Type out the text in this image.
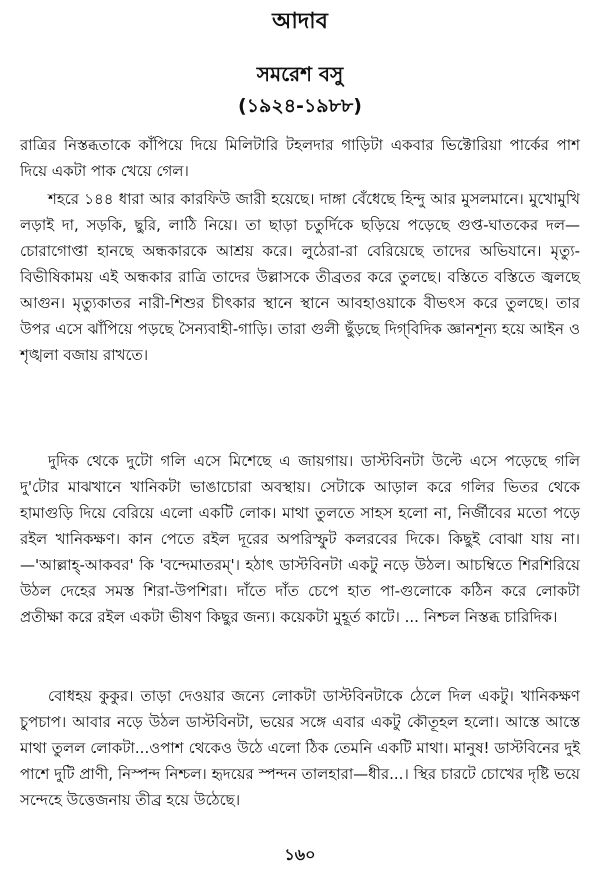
আদাব
সমরেশ বসু
(১৯২৪-১৯৮৮)

রাত্রির নিস্তব্ধতাকে কাঁপিয়ে দিয়ে মিলিটারি টহলদার গাড়িটা একবার ভিক্টোরিয়া পার্কের পাশ দিয়ে একটা পাক খেয়ে গেল।

শহরে ১৪৪ ধারা আর কারফিউ জারী হয়েছে। দাঙ্গা বেঁধেছে হিন্দু আর মুসলমানে। মুখোমুখি লড়াই দা, সড়কি, ছুরি, লাঠি নিয়ে। তা ছাড়া চতুর্দিকে ছড়িয়ে পড়েছে গুপ্ত-ঘাতকের দল—চোরাগোপ্তা হানছে অন্ধকারকে আশ্রয় করে। লুঠেরা-রা বেরিয়েছে তাদের অভিযানে। মৃত্যু-বিভীষিকাময় এই অন্ধকার রাত্রি তাদের উল্লাসকে তীব্রতর করে তুলছে। বস্তিতে বস্তিতে জ্বলছে আগুন। মৃত্যুকাতর নারী-শিশুর চীৎকার স্থানে স্থানে আবহাওয়াকে বীভৎস করে তুলছে। তার উপর এসে ঝাঁপিয়ে পড়ছে সৈন্যবাহী-গাড়ি। তারা গুলী ছুঁড়ছে দিগ্‌বিদিক জ্ঞানশূন্য হয়ে আইন ও শৃঙ্খলা বজায় রাখতে।

দুদিক থেকে দুটো গলি এসে মিশেছে এ জায়গায়। ডাস্টবিনটা উল্টে এসে পড়েছে গলি দু'টোর মাঝখানে খানিকটা ভাঙাচোরা অবস্থায়। সেটাকে আড়াল করে গলির ভিতর থেকে হামাগুড়ি দিয়ে বেরিয়ে এলো একটি লোক। মাথা তুলতে সাহস হলো না, নির্জীবের মতো পড়ে রইল খানিকক্ষণ। কান পেতে রইল দূরের অপরিস্ফুট কলরবের দিকে। কিছুই বোঝা যায় না। —'আল্লাহ্‌-আকবর' কি 'বন্দেমাতরম্'। হঠাৎ ডাস্টবিনটা একটু নড়ে উঠল। আচম্বিতে শিরশিরিয়ে উঠল দেহের সমস্ত শিরা-উপশিরা। দাঁতে দাঁত চেপে হাত পা-গুলোকে কঠিন করে লোকটা প্রতীক্ষা করে রইল একটা ভীষণ কিছুর জন্য। কয়েকটা মুহূর্ত কাটে। ... নিশ্চল নিস্তব্ধ চারিদিক।

বোধহয় কুকুর। তাড়া দেওয়ার জন্যে লোকটা ডাস্টবিনটাকে ঠেলে দিল একটু। খানিকক্ষণ চুপচাপ। আবার নড়ে উঠল ডাস্টবিনটা, ভয়ের সঙ্গে এবার একটু কৌতূহল হলো। আস্তে আস্তে মাথা তুলল লোকটা...ওপাশ থেকেও উঠে এলো ঠিক তেমনি একটি মাথা। মানুষ! ডাস্টবিনের দুই পাশে দুটি প্রাণী, নিস্পন্দ নিশ্চল। হৃদয়ের স্পন্দন তালহারা—ধীর...। স্থির চারটে চোখের দৃষ্টি ভয়ে সন্দেহে উত্তেজনায় তীব্র হয়ে উঠেছে।

১৬০
